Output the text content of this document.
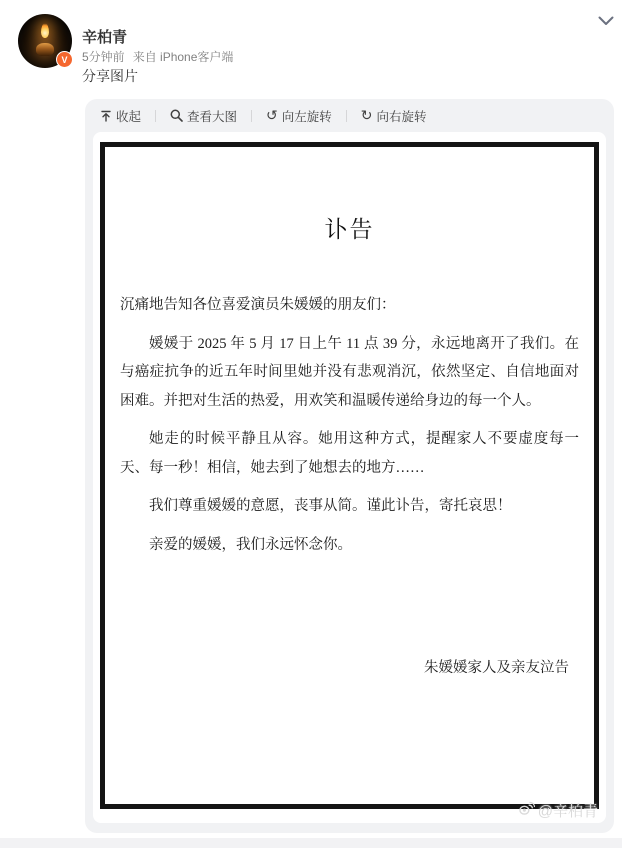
V
辛柏青
5分钟前 来自 iPhone客户端
分享图片
收起	查看大图 ↺ 向左旋转 ↻ 向右旋转
讣告

沉痛地告知各位喜爱演员朱媛媛的朋友们：

媛媛于 2025 年 5 月 17 日上午 11 点 39 分，永远地离开了我们。在与癌症抗争的近五年时间里她并没有悲观消沉，依然坚定、自信地面对困难。并把对生活的热爱，用欢笑和温暖传递给身边的每一个人。

她走的时候平静且从容。她用这种方式，提醒家人不要虚度每一天、每一秒！相信，她去到了她想去的地方……

我们尊重媛媛的意愿，丧事从简。谨此讣告，寄托哀思！

亲爱的媛媛，我们永远怀念你。

朱媛媛家人及亲友泣告

@辛柏青
